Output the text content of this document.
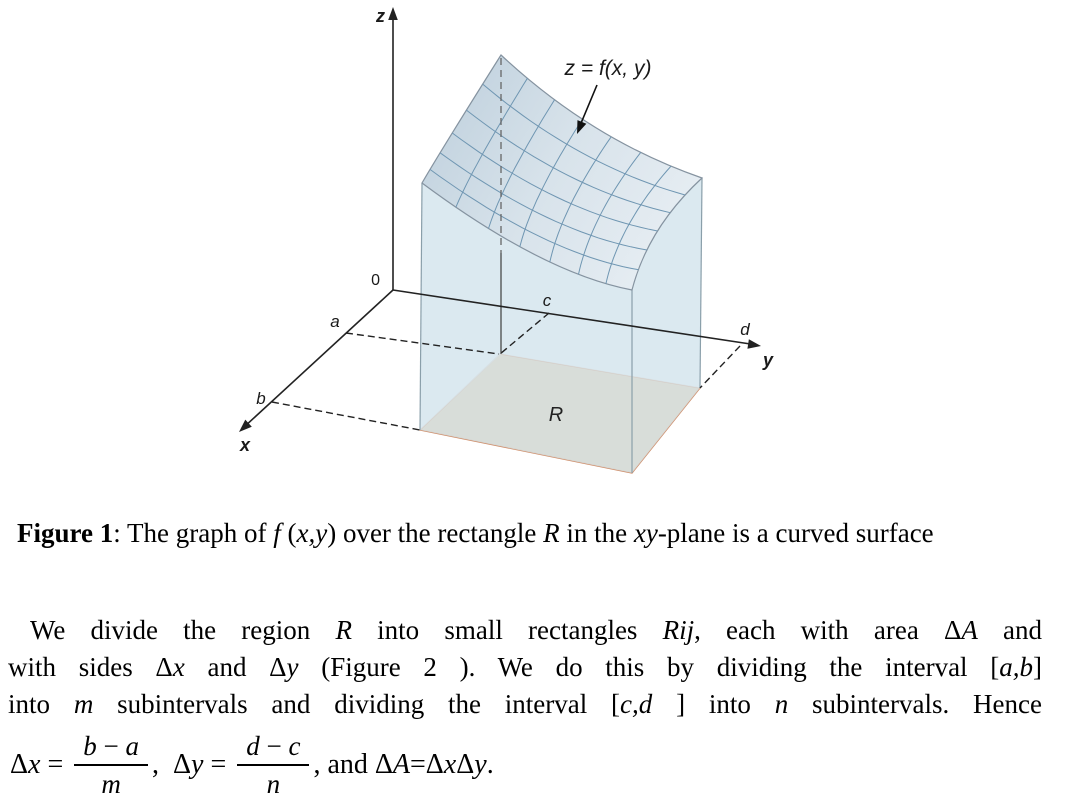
z = f(x, y)
z
x
y
0
a
b
c
d
R
Figure 1: The graph of f (x,y) over the rectangle R in the xy-plane is a curved surface
We divide the region R into small rectangles Rij, each with area ΔA and
with sides Δx and Δy (Figure 2 ). We do this by dividing the interval [a,b]
into m subintervals and dividing the interval [c,d ] into n subintervals. Hence
Δ $x = \frac{b - a}{m}$ , Δ $y = \frac{d - c}{n}$ , and Δ A =Δ x Δ y .
